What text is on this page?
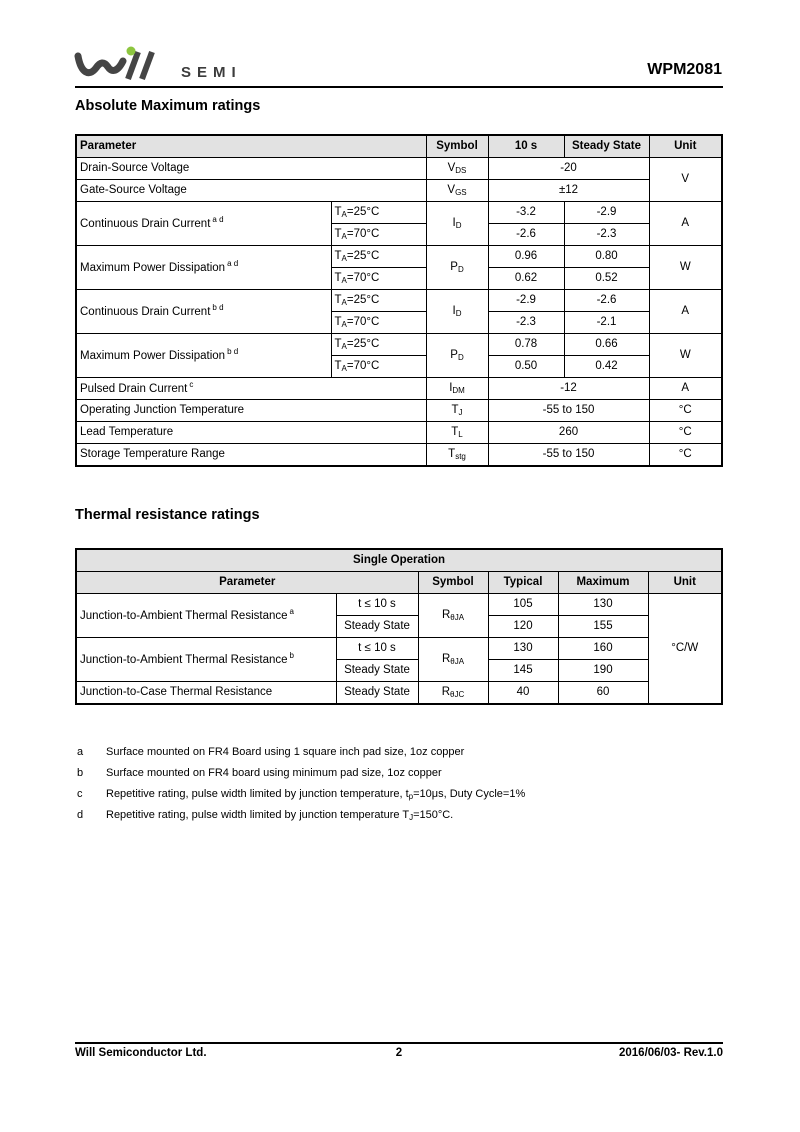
SEMI	WPM2081
Absolute Maximum ratings
Parameter		Symbol	10 s	Steady State	Unit
Drain-Source Voltage		$V_{DS}$	-20		V
Gate-Source Voltage		$V_{GS}$	±12		
Continuous Drain Current $^{a d}$	$T_A=25^\circ C$	$I_D$	-3.2	-2.9	A
	$T_A=70^\circ C$		-2.6	-2.3	
Maximum Power Dissipation $^{a d}$	$T_A=25^\circ C$	$P_D$	0.96	0.80	W
	$T_A=70^\circ C$		0.62	0.52	
Continuous Drain Current $^{b d}$	$T_A=25^\circ C$	$I_D$	-2.9	-2.6	A
	$T_A=70^\circ C$		-2.3	-2.1	
Maximum Power Dissipation $^{b d}$	$T_A=25^\circ C$	$P_D$	0.78	0.66	W
	$T_A=70^\circ C$		0.50	0.42	
Pulsed Drain Current $^c$		$I_{DM}$	-12		A
Operating Junction Temperature		$T_J$	-55 to 150		°C
Lead Temperature		$T_L$	260		°C
Storage Temperature Range		$T_{stg}$	-55 to 150		°C
Thermal resistance ratings
Single Operation					
Parameter		Symbol	Typical	Maximum	Unit
Junction-to-Ambient Thermal Resistance $^a$	t ≤ 10 s	$R_{\theta JA}$	105	130	°C/W
	Steady State		120	155	
Junction-to-Ambient Thermal Resistance $^b$	t ≤ 10 s	$R_{\theta JA}$	130	160	
	Steady State		145	190	
Junction-to-Case Thermal Resistance	Steady State	$R_{\theta JC}$	40	60	
a Surface mounted on FR4 Board using 1 square inch pad size, 1oz copper
b Surface mounted on FR4 board using minimum pad size, 1oz copper
c Repetitive rating, pulse width limited by junction temperature, $t_p=10\mu s$, Duty Cycle=1%
d Repetitive rating, pulse width limited by junction temperature $T_J=150^\circ C$.
Will Semiconductor Ltd.	2	2016/06/03- Rev.1.0
